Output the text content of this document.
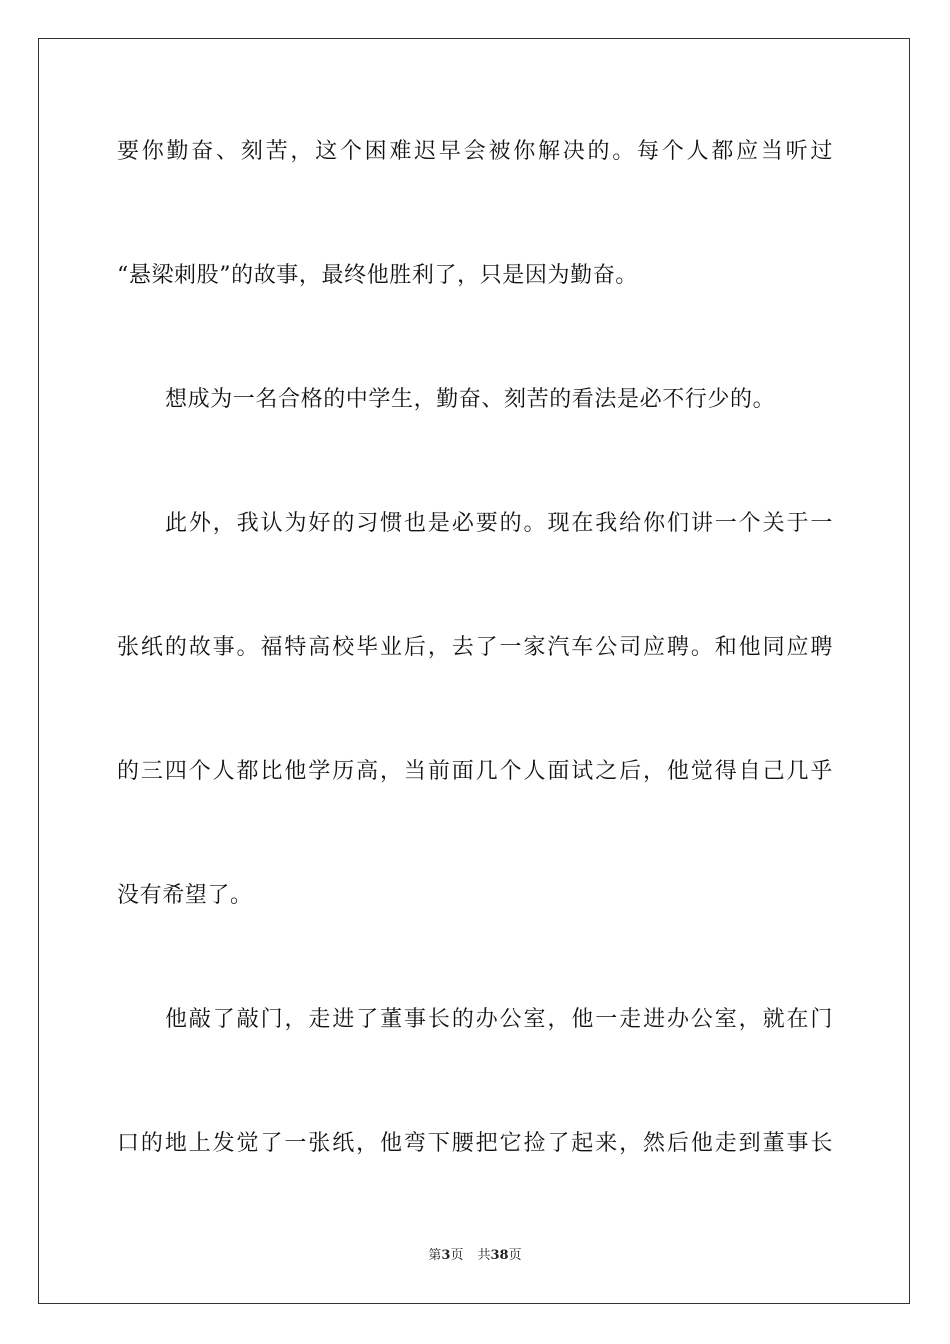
要你勤奋、刻苦，这个困难迟早会被你解决的。每个人都应当听过
“悬梁刺股”的故事，最终他胜利了，只是因为勤奋。
想成为一名合格的中学生，勤奋、刻苦的看法是必不行少的。
此外，我认为好的习惯也是必要的。现在我给你们讲一个关于一
张纸的故事。福特高校毕业后，去了一家汽车公司应聘。和他同应聘
的三四个人都比他学历高，当前面几个人面试之后，他觉得自己几乎
没有希望了。
他敲了敲门，走进了董事长的办公室，他一走进办公室，就在门
口的地上发觉了一张纸，他弯下腰把它捡了起来，然后他走到董事长
第3页 共38页
